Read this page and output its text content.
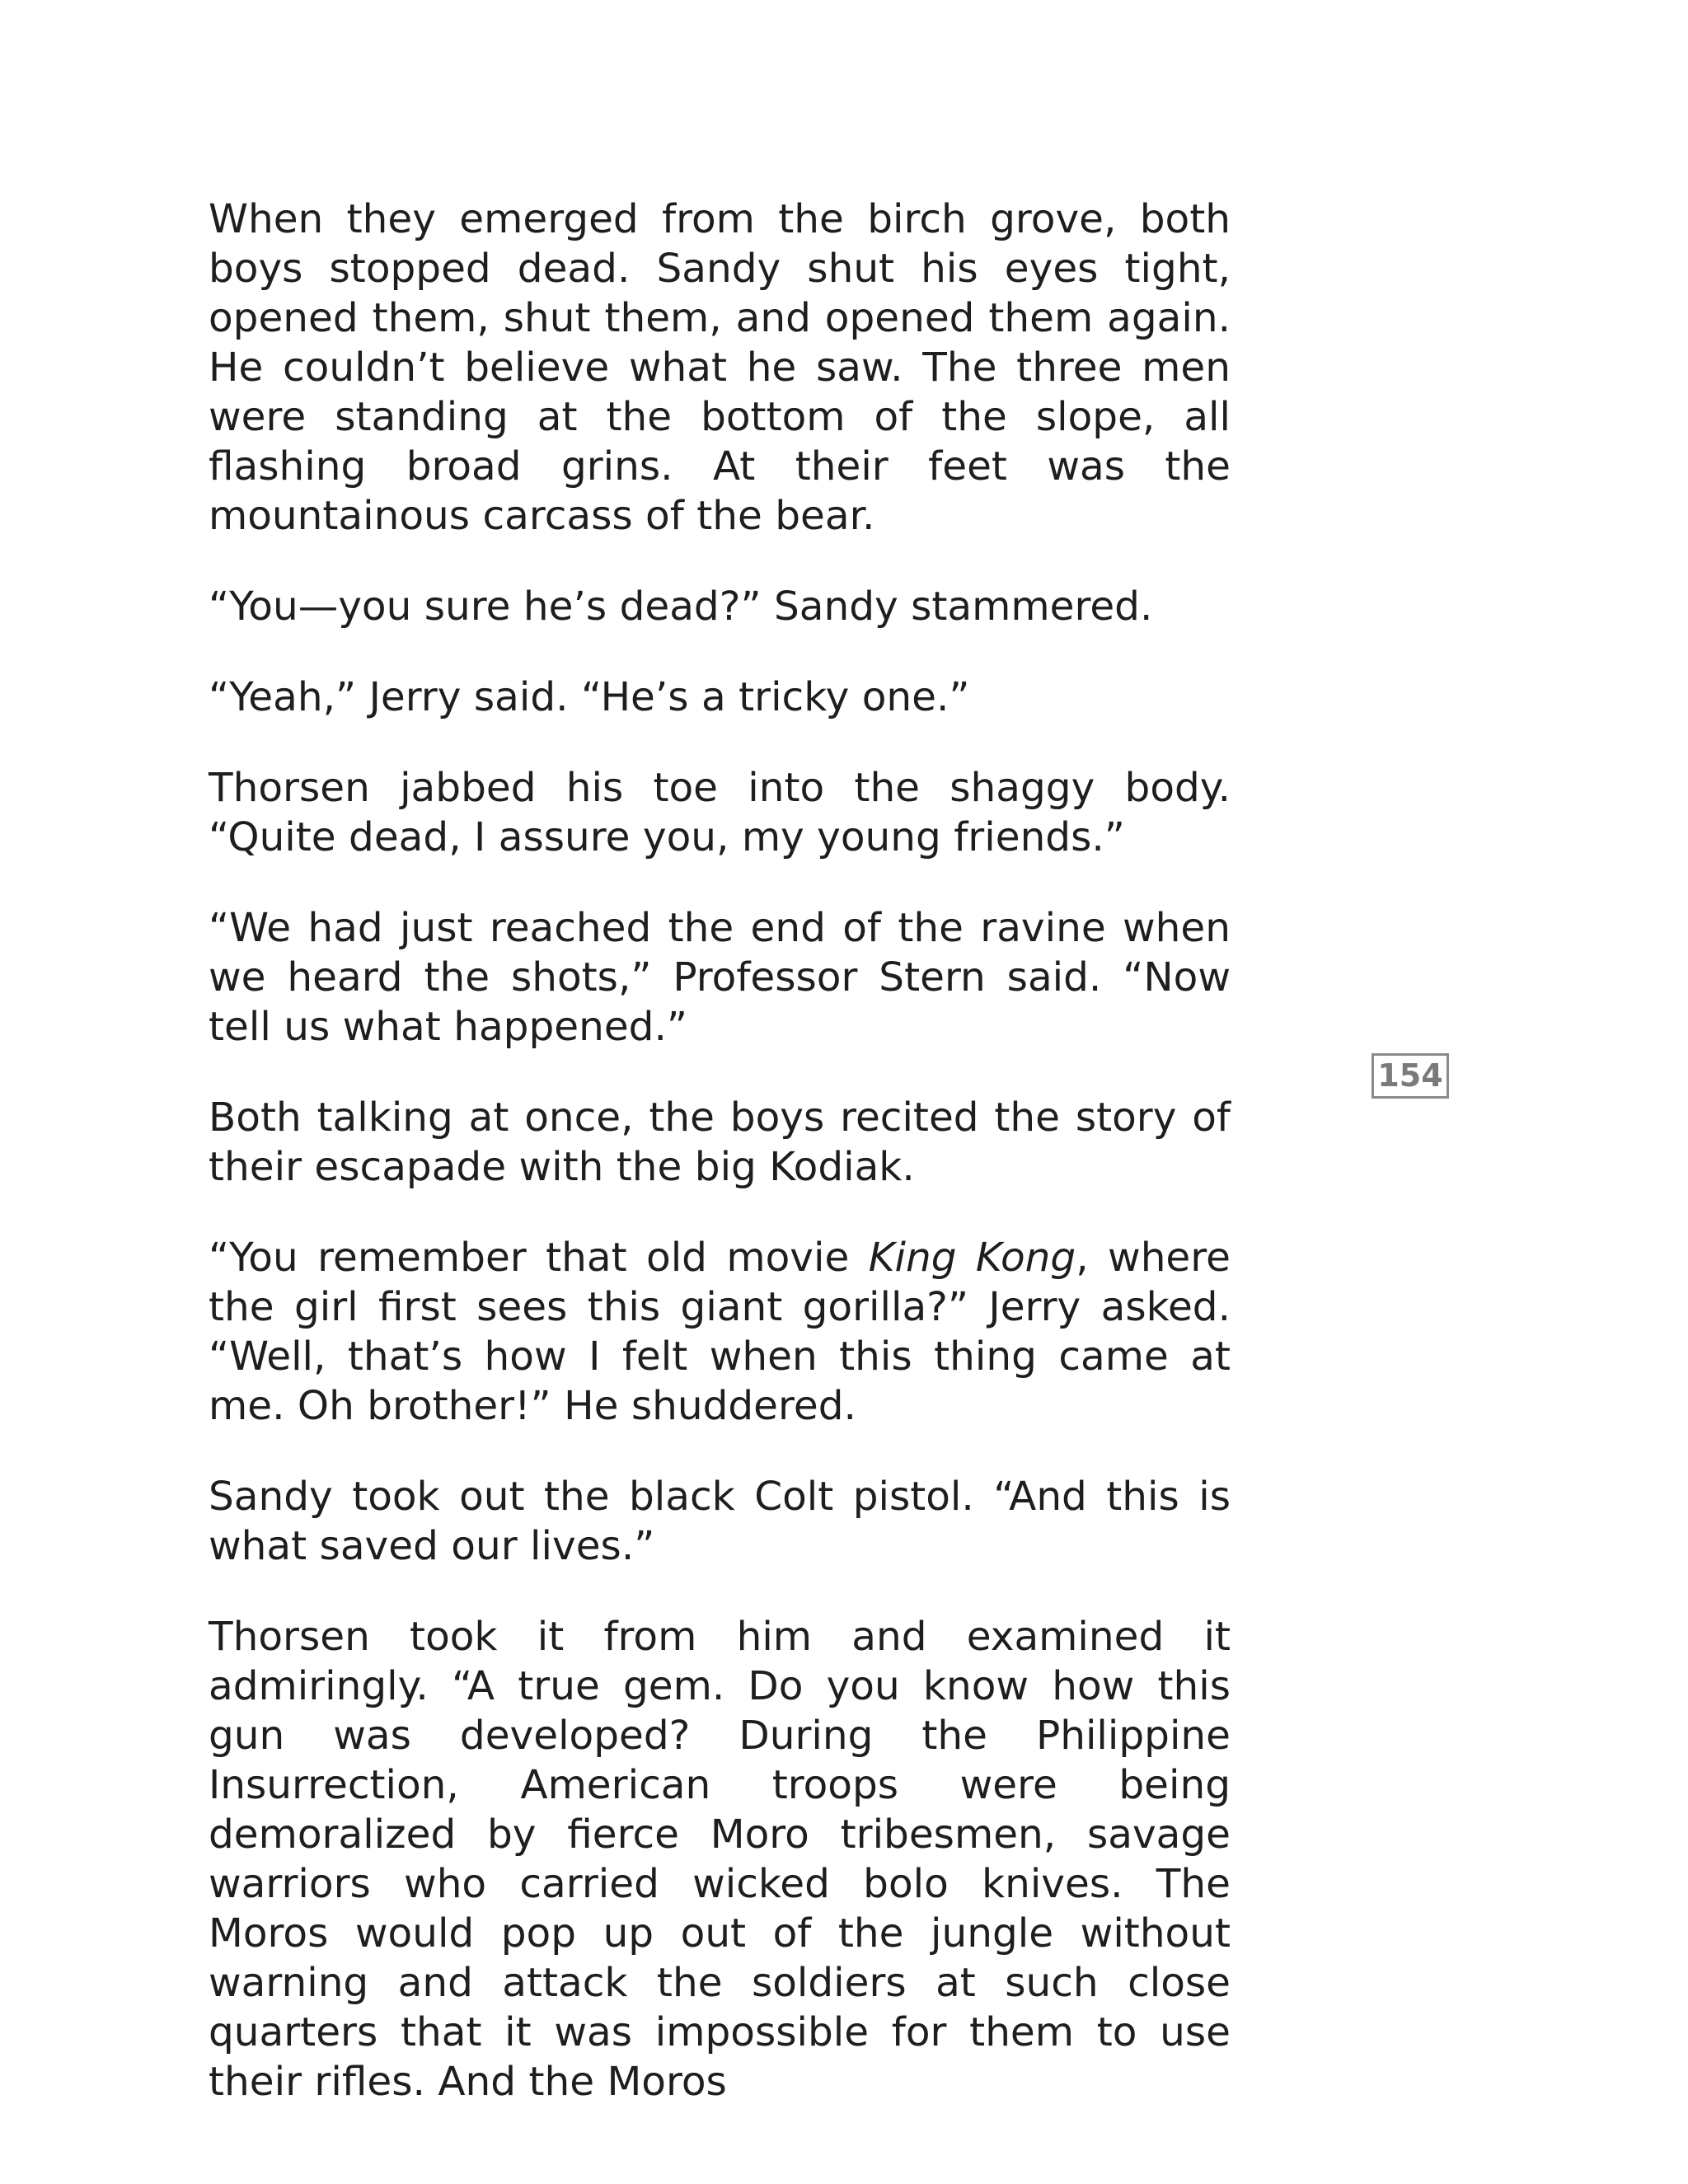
When they emerged from the birch grove, both boys stopped dead. Sandy shut his eyes tight, opened them, shut them, and opened them again. He couldn’t believe what he saw. The three men were standing at the bottom of the slope, all flashing broad grins. At their feet was the mountainous carcass of the bear.

“You—you sure he’s dead?” Sandy stammered.

“Yeah,” Jerry said. “He’s a tricky one.”

Thorsen jabbed his toe into the shaggy body. “Quite dead, I assure you, my young friends.”

“We had just reached the end of the ravine when we heard the shots,” Professor Stern said. “Now tell us what happened.”

Both talking at once, the boys recited the story of their escapade with the big Kodiak.

“You remember that old movie King Kong, where the girl first sees this giant gorilla?” Jerry asked. “Well, that’s how I felt when this thing came at me. Oh brother!” He shuddered.

Sandy took out the black Colt pistol. “And this is what saved our lives.”

Thorsen took it from him and examined it admiringly. “A true gem. Do you know how this gun was developed? During the Philippine Insurrection, American troops were being demoralized by fierce Moro tribesmen, savage warriors who carried wicked bolo knives. The Moros would pop up out of the jungle without warning and attack the soldiers at such close quarters that it was impossible for them to use their rifles. And the Moros

154
